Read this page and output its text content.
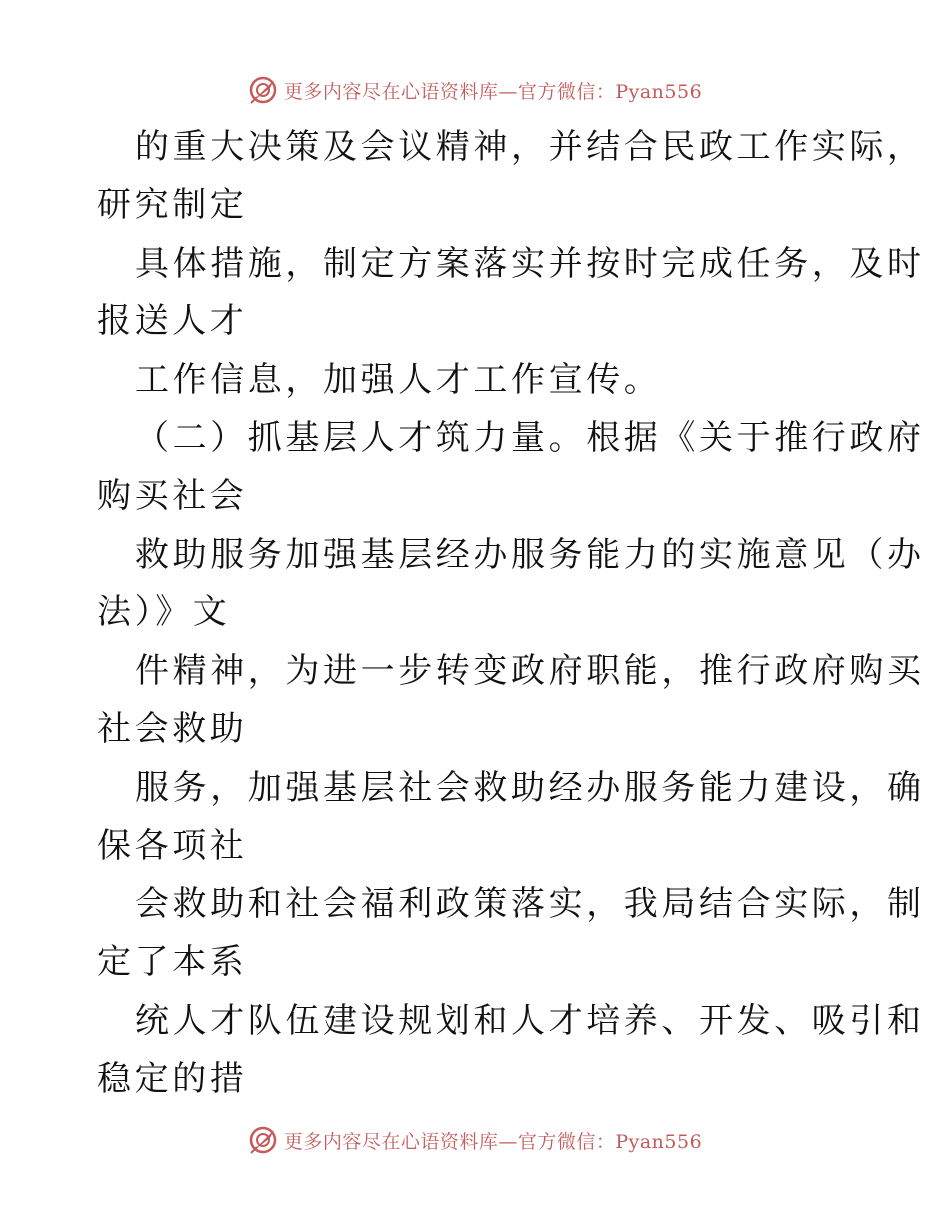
更多内容尽在心语资料库—官方微信：Pyan556
的重大决策及会议精神，并结合民政工作实际，
研究制定
具体措施，制定方案落实并按时完成任务，及时
报送人才
工作信息，加强人才工作宣传。
（二）抓基层人才筑力量。根据《关于推行政府
购买社会
救助服务加强基层经办服务能力的实施意见（办
法）》文
件精神，为进一步转变政府职能，推行政府购买
社会救助
服务，加强基层社会救助经办服务能力建设，确
保各项社
会救助和社会福利政策落实，我局结合实际，制
定了本系
统人才队伍建设规划和人才培养、开发、吸引和
稳定的措
更多内容尽在心语资料库—官方微信：Pyan556
